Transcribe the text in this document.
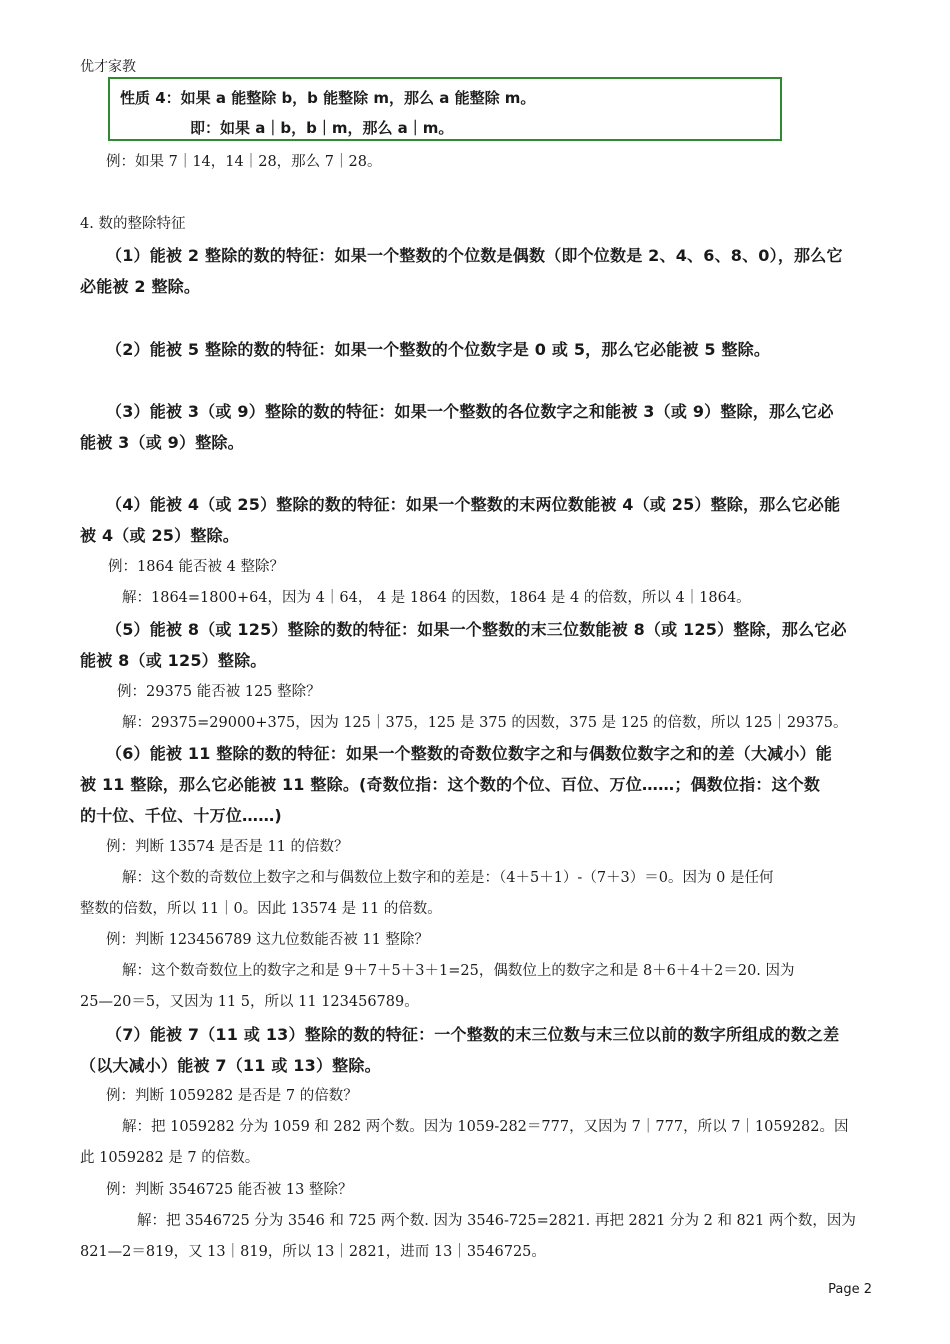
优才家教
性质 4：如果 a 能整除 b，b 能整除 m，那么 a 能整除 m。
即：如果 a｜b，b｜m，那么 a｜m。
例：如果 7｜14，14｜28，那么 7｜28。
4. 数的整除特征
（1）能被 2 整除的数的特征：如果一个整数的个位数是偶数（即个位数是 2、4、6、8、0），那么它
必能被 2 整除。
（2）能被 5 整除的数的特征：如果一个整数的个位数字是 0 或 5，那么它必能被 5 整除。
（3）能被 3（或 9）整除的数的特征：如果一个整数的各位数字之和能被 3（或 9）整除，那么它必
能被 3（或 9）整除。
（4）能被 4（或 25）整除的数的特征：如果一个整数的末两位数能被 4（或 25）整除，那么它必能
被 4（或 25）整除。
例：1864 能否被 4 整除？
解：1864=1800+64，因为 4｜64， 4 是 1864 的因数，1864 是 4 的倍数，所以 4｜1864。
（5）能被 8（或 125）整除的数的特征：如果一个整数的末三位数能被 8（或 125）整除，那么它必
能被 8（或 125）整除。
例：29375 能否被 125 整除？
解：29375=29000+375，因为 125｜375，125 是 375 的因数，375 是 125 的倍数，所以 125｜29375。
（6）能被 11 整除的数的特征：如果一个整数的奇数位数字之和与偶数位数字之和的差（大减小）能
被 11 整除，那么它必能被 11 整除。(奇数位指：这个数的个位、百位、万位……；偶数位指：这个数
的十位、千位、十万位……)
例：判断 13574 是否是 11 的倍数？
解：这个数的奇数位上数字之和与偶数位上数字和的差是：（4＋5＋1）-（7＋3）＝0。因为 0 是任何
整数的倍数，所以 11｜0。因此 13574 是 11 的倍数。
例：判断 123456789 这九位数能否被 11 整除？
解：这个数奇数位上的数字之和是 9＋7＋5＋3＋1=25，偶数位上的数字之和是 8＋6＋4＋2＝20. 因为
25—20＝5，又因为 11 5，所以 11 123456789。
（7）能被 7（11 或 13）整除的数的特征：一个整数的末三位数与末三位以前的数字所组成的数之差
（以大减小）能被 7（11 或 13）整除。
例：判断 1059282 是否是 7 的倍数？
解：把 1059282 分为 1059 和 282 两个数。因为 1059-282＝777，又因为 7｜777，所以 7｜1059282。因
此 1059282 是 7 的倍数。
例：判断 3546725 能否被 13 整除？
解：把 3546725 分为 3546 和 725 两个数. 因为 3546-725=2821. 再把 2821 分为 2 和 821 两个数，因为
821—2＝819，又 13｜819，所以 13｜2821，进而 13｜3546725。
Page 2
